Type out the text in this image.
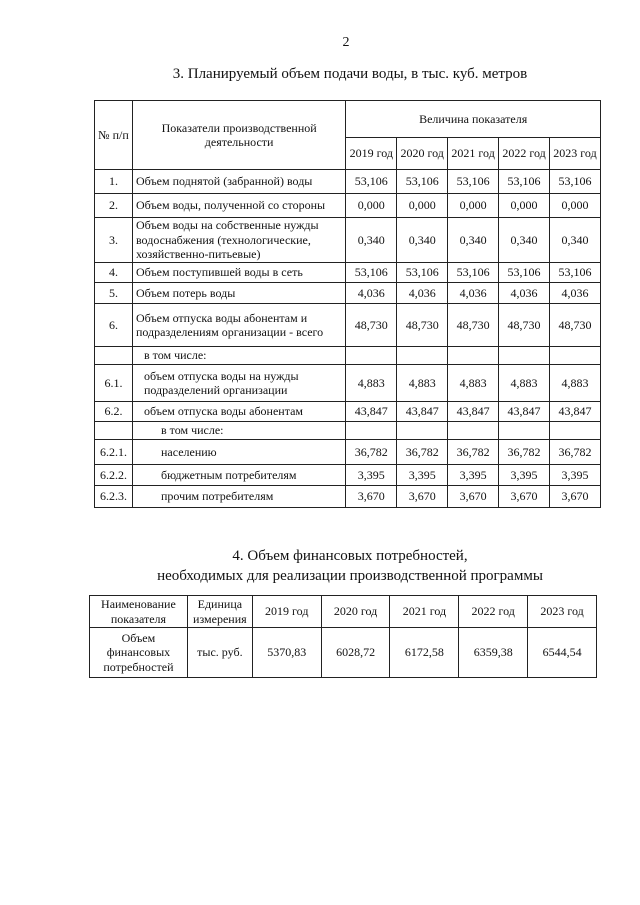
2
3. Планируемый объем подачи воды, в тыс. куб. метров
№ п/п	Показатели производственной деятельности	Величина показателя				
		2019 год	2020 год	2021 год	2022 год	2023 год
1.	Объем поднятой (забранной) воды	53,106	53,106	53,106	53,106	53,106
2.	Объем воды, полученной со стороны	0,000	0,000	0,000	0,000	0,000
3.	Объем воды на собственные нужды водоснабжения (технологические, хозяйственно-питьевые)	0,340	0,340	0,340	0,340	0,340
4.	Объем поступившей воды в сеть	53,106	53,106	53,106	53,106	53,106
5.	Объем потерь воды	4,036	4,036	4,036	4,036	4,036
6.	Объем отпуска воды абонентам и подразделениям организации - всего	48,730	48,730	48,730	48,730	48,730
	в том числе:					
6.1.	объем отпуска воды на нужды подразделений организации	4,883	4,883	4,883	4,883	4,883
6.2.	объем отпуска воды абонентам	43,847	43,847	43,847	43,847	43,847
	в том числе:					
6.2.1.	населению	36,782	36,782	36,782	36,782	36,782
6.2.2.	бюджетным потребителям	3,395	3,395	3,395	3,395	3,395
6.2.3.	прочим потребителям	3,670	3,670	3,670	3,670	3,670
4. Объем финансовых потребностей,
необходимых для реализации производственной программы
Наименование показателя	Единица измерения	2019 год	2020 год	2021 год	2022 год	2023 год
Объем финансовых потребностей	тыс. руб.	5370,83	6028,72	6172,58	6359,38	6544,54
